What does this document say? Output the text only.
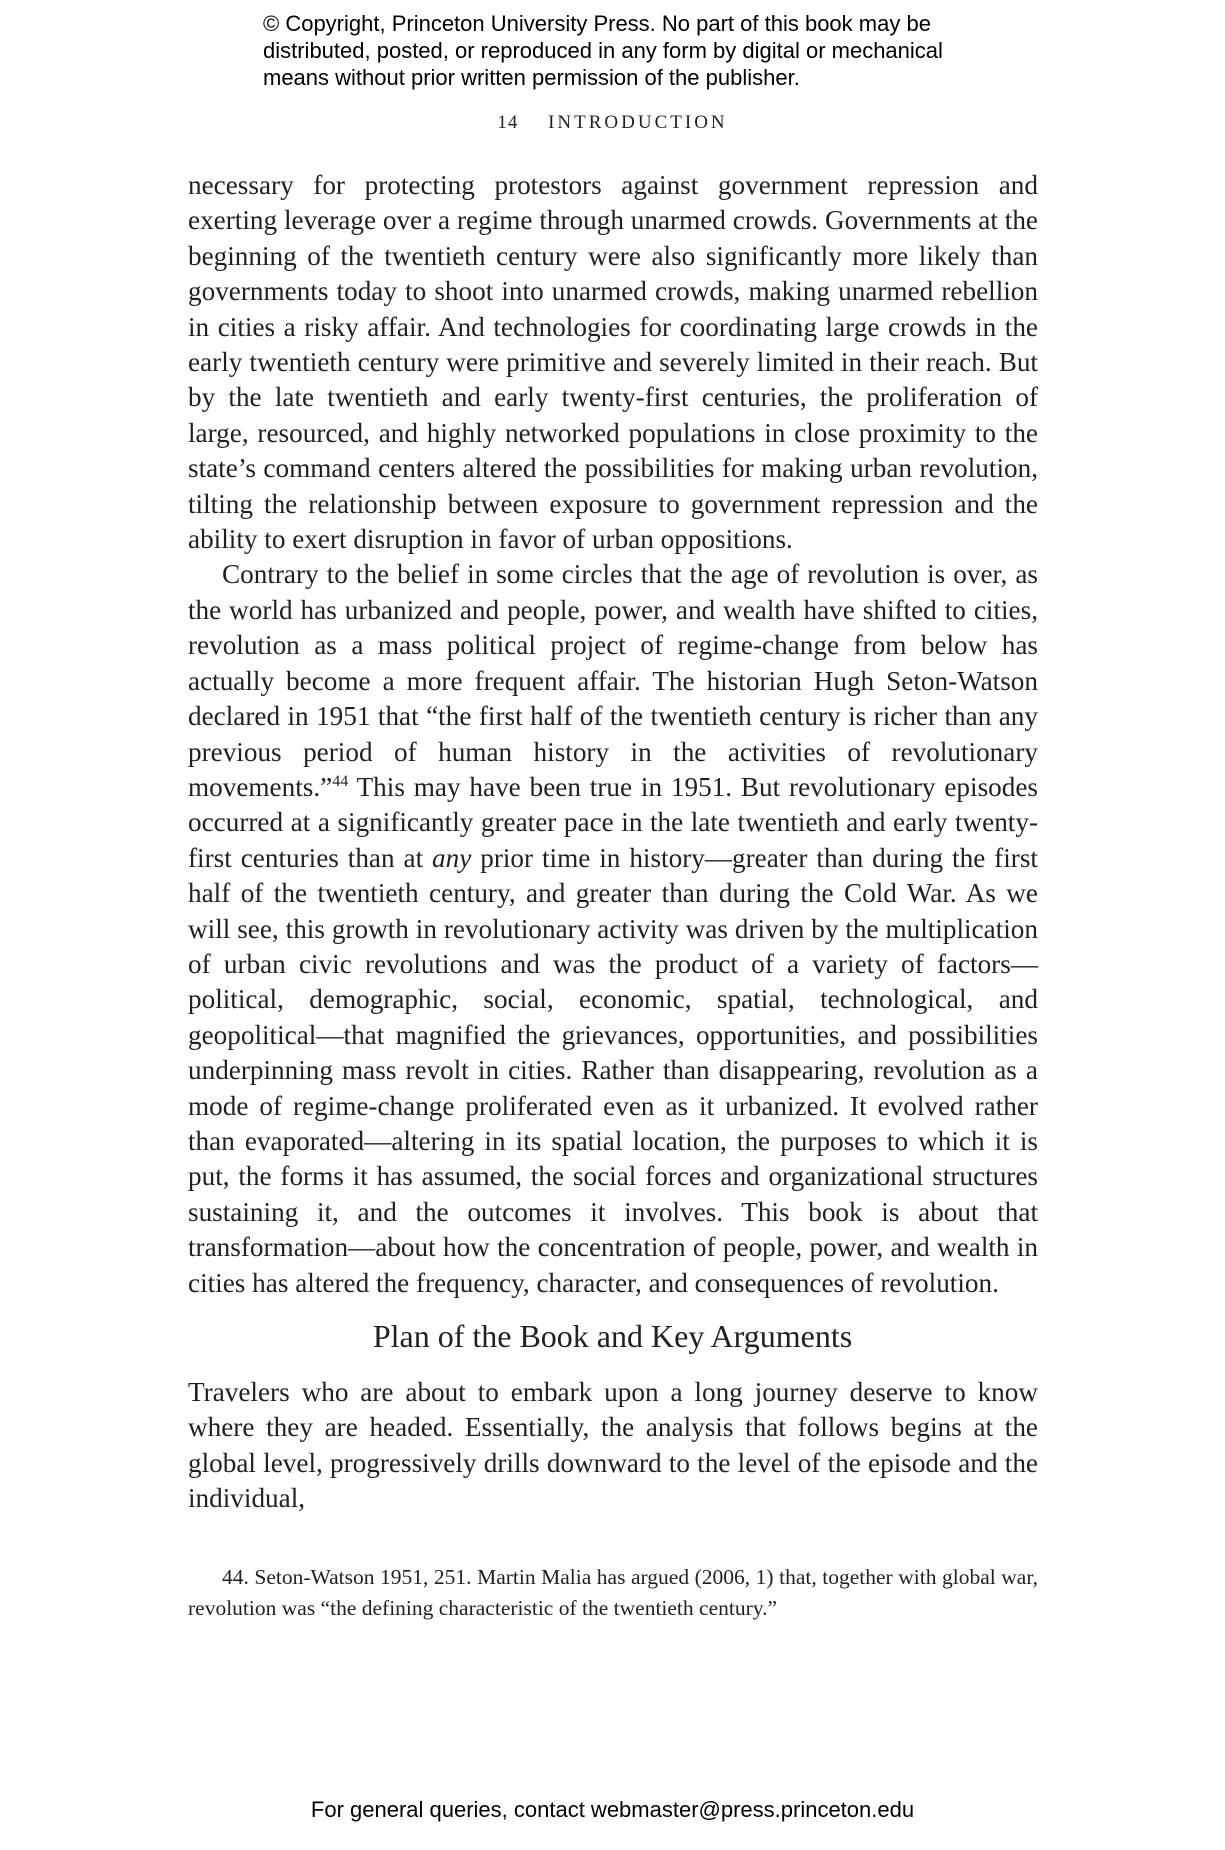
© Copyright, Princeton University Press. No part of this book may be
distributed, posted, or reproduced in any form by digital or mechanical
means without prior written permission of the publisher.
14 INTRODUCTION

necessary for protecting protestors against government repression and exerting leverage over a regime through unarmed crowds. Governments at the beginning of the twentieth century were also significantly more likely than governments today to shoot into unarmed crowds, making unarmed rebellion in cities a risky affair. And technologies for coordinating large crowds in the early twentieth century were primitive and severely limited in their reach. But by the late twentieth and early twenty-first centuries, the proliferation of large, resourced, and highly networked populations in close proximity to the state’s command centers altered the possibilities for making urban revolution, tilting the relationship between exposure to government repression and the ability to exert disruption in favor of urban oppositions.

Contrary to the belief in some circles that the age of revolution is over, as the world has urbanized and people, power, and wealth have shifted to cities, revolution as a mass political project of regime-change from below has actually become a more frequent affair. The historian Hugh Seton-Watson declared in 1951 that “the first half of the twentieth century is richer than any previous period of human history in the activities of revolutionary movements.”$^{44}$ This may have been true in 1951. But revolutionary episodes occurred at a significantly greater pace in the late twentieth and early twenty-first centuries than at any prior time in history—greater than during the first half of the twentieth century, and greater than during the Cold War. As we will see, this growth in revolutionary activity was driven by the multiplication of urban civic revolutions and was the product of a variety of factors—political, demographic, social, economic, spatial, technological, and geopolitical—that magnified the grievances, opportunities, and possibilities underpinning mass revolt in cities. Rather than disappearing, revolution as a mode of regime-change proliferated even as it urbanized. It evolved rather than evaporated—altering in its spatial location, the purposes to which it is put, the forms it has assumed, the social forces and organizational structures sustaining it, and the outcomes it involves. This book is about that transformation—about how the concentration of people, power, and wealth in cities has altered the frequency, character, and consequences of revolution.

Plan of the Book and Key Arguments

Travelers who are about to embark upon a long journey deserve to know where they are headed. Essentially, the analysis that follows begins at the global level, progressively drills downward to the level of the episode and the individual,

44. Seton-Watson 1951, 251. Martin Malia has argued (2006, 1) that, together with global war, revolution was “the defining characteristic of the twentieth century.”

For general queries, contact webmaster@press.princeton.edu
